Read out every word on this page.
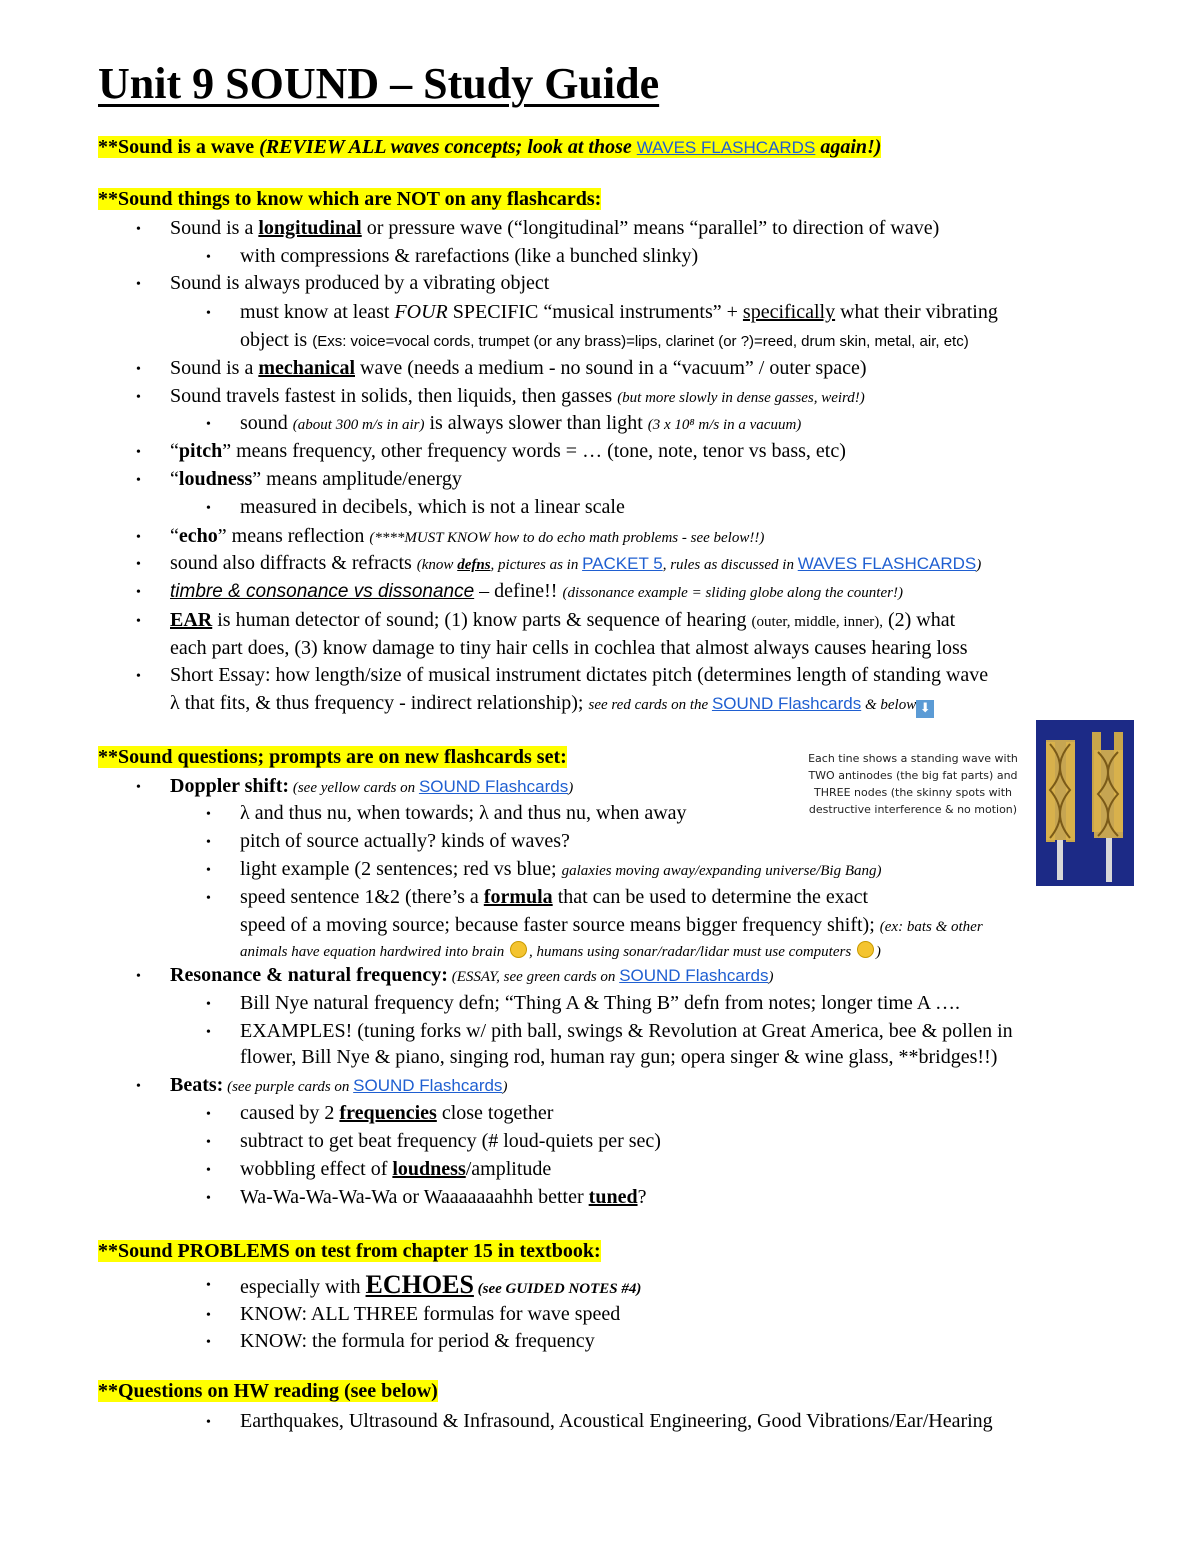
Unit 9 SOUND – Study Guide
**Sound is a wave (REVIEW ALL waves concepts; look at those WAVES FLASHCARDS again!)
**Sound things to know which are NOT on any flashcards:
• Sound is a longitudinal or pressure wave (“longitudinal” means “parallel” to direction of wave)
• with compressions & rarefactions (like a bunched slinky)
• Sound is always produced by a vibrating object
• must know at least FOUR SPECIFIC “musical instruments” + specifically what their vibrating
object is (Exs: voice=vocal cords, trumpet (or any brass)=lips, clarinet (or ?)=reed, drum skin, metal, air, etc)
• Sound is a mechanical wave (needs a medium - no sound in a “vacuum” / outer space)
• Sound travels fastest in solids, then liquids, then gasses (but more slowly in dense gasses, weird!)
• sound (about 300 m/s in air) is always slower than light (3 x 10⁸ m/s in a vacuum)
• “pitch” means frequency, other frequency words = … (tone, note, tenor vs bass, etc)
• “loudness” means amplitude/energy
• measured in decibels, which is not a linear scale
• “echo” means reflection (****MUST KNOW how to do echo math problems - see below!!)
• sound also diffracts & refracts (know defns, pictures as in PACKET 5, rules as discussed in WAVES FLASHCARDS)
• timbre & consonance vs dissonance – define!! (dissonance example = sliding globe along the counter!)
• EAR is human detector of sound; (1) know parts & sequence of hearing (outer, middle, inner), (2) what
each part does, (3) know damage to tiny hair cells in cochlea that almost always causes hearing loss
• Short Essay: how length/size of musical instrument dictates pitch (determines length of standing wave
λ that fits, & thus frequency - indirect relationship); see red cards on the SOUND Flashcards & below ⬇
**Sound questions; prompts are on new flashcards set:	Each tine shows a standing wave with TWO antinodes (the big fat parts) and THREE nodes (the skinny spots with destructive interference & no motion)
• Doppler shift: (see yellow cards on SOUND Flashcards)
• λ and thus nu, when towards; λ and thus nu, when away
• pitch of source actually? kinds of waves?
• light example (2 sentences; red vs blue; galaxies moving away/expanding universe/Big Bang)
• speed sentence 1&2 (there’s a formula that can be used to determine the exact
speed of a moving source; because faster source means bigger frequency shift); (ex: bats & other
animals have equation hardwired into brain , humans using sonar/radar/lidar must use computers )
• Resonance & natural frequency: (ESSAY, see green cards on SOUND Flashcards)
• Bill Nye natural frequency defn; “Thing A & Thing B” defn from notes; longer time A ….
• EXAMPLES! (tuning forks w/ pith ball, swings & Revolution at Great America, bee & pollen in
flower, Bill Nye & piano, singing rod, human ray gun; opera singer & wine glass, **bridges!!)
• Beats: (see purple cards on SOUND Flashcards)
• caused by 2 frequencies close together
• subtract to get beat frequency (# loud-quiets per sec)
• wobbling effect of loudness/amplitude
• Wa-Wa-Wa-Wa-Wa or Waaaaaaahhh better tuned?
**Sound PROBLEMS on test from chapter 15 in textbook:
• especially with ECHOES (see GUIDED NOTES #4)
• KNOW: ALL THREE formulas for wave speed
• KNOW: the formula for period & frequency
**Questions on HW reading (see below)
• Earthquakes, Ultrasound & Infrasound, Acoustical Engineering, Good Vibrations/Ear/Hearing
